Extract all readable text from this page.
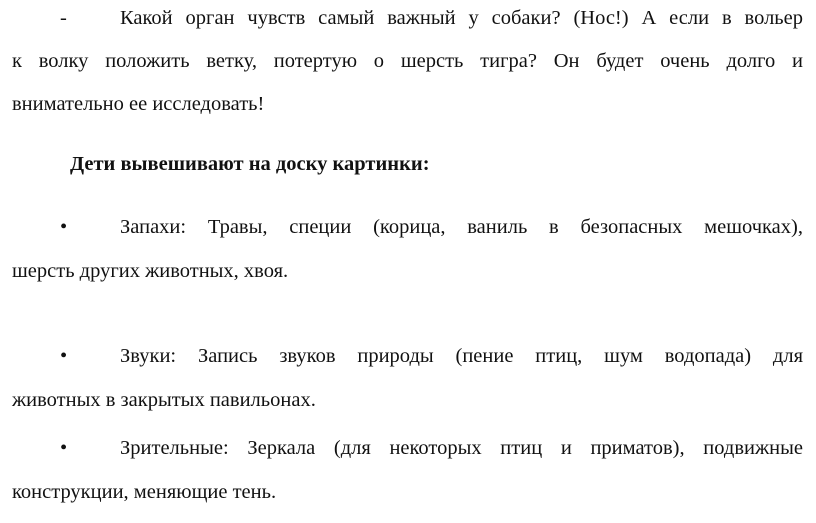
-	Какой орган чувств самый важный у собаки? (Нос!) А если в вольер
к волку положить ветку, потертую о шерсть тигра? Он будет очень долго и
внимательно ее исследовать!
Дети вывешивают на доску картинки:
•	Запахи: Травы, специи (корица, ваниль в безопасных мешочках),
шерсть других животных, хвоя.
•	Звуки: Запись звуков природы (пение птиц, шум водопада) для
животных в закрытых павильонах.
•	Зрительные: Зеркала (для некоторых птиц и приматов), подвижные
конструкции, меняющие тень.
